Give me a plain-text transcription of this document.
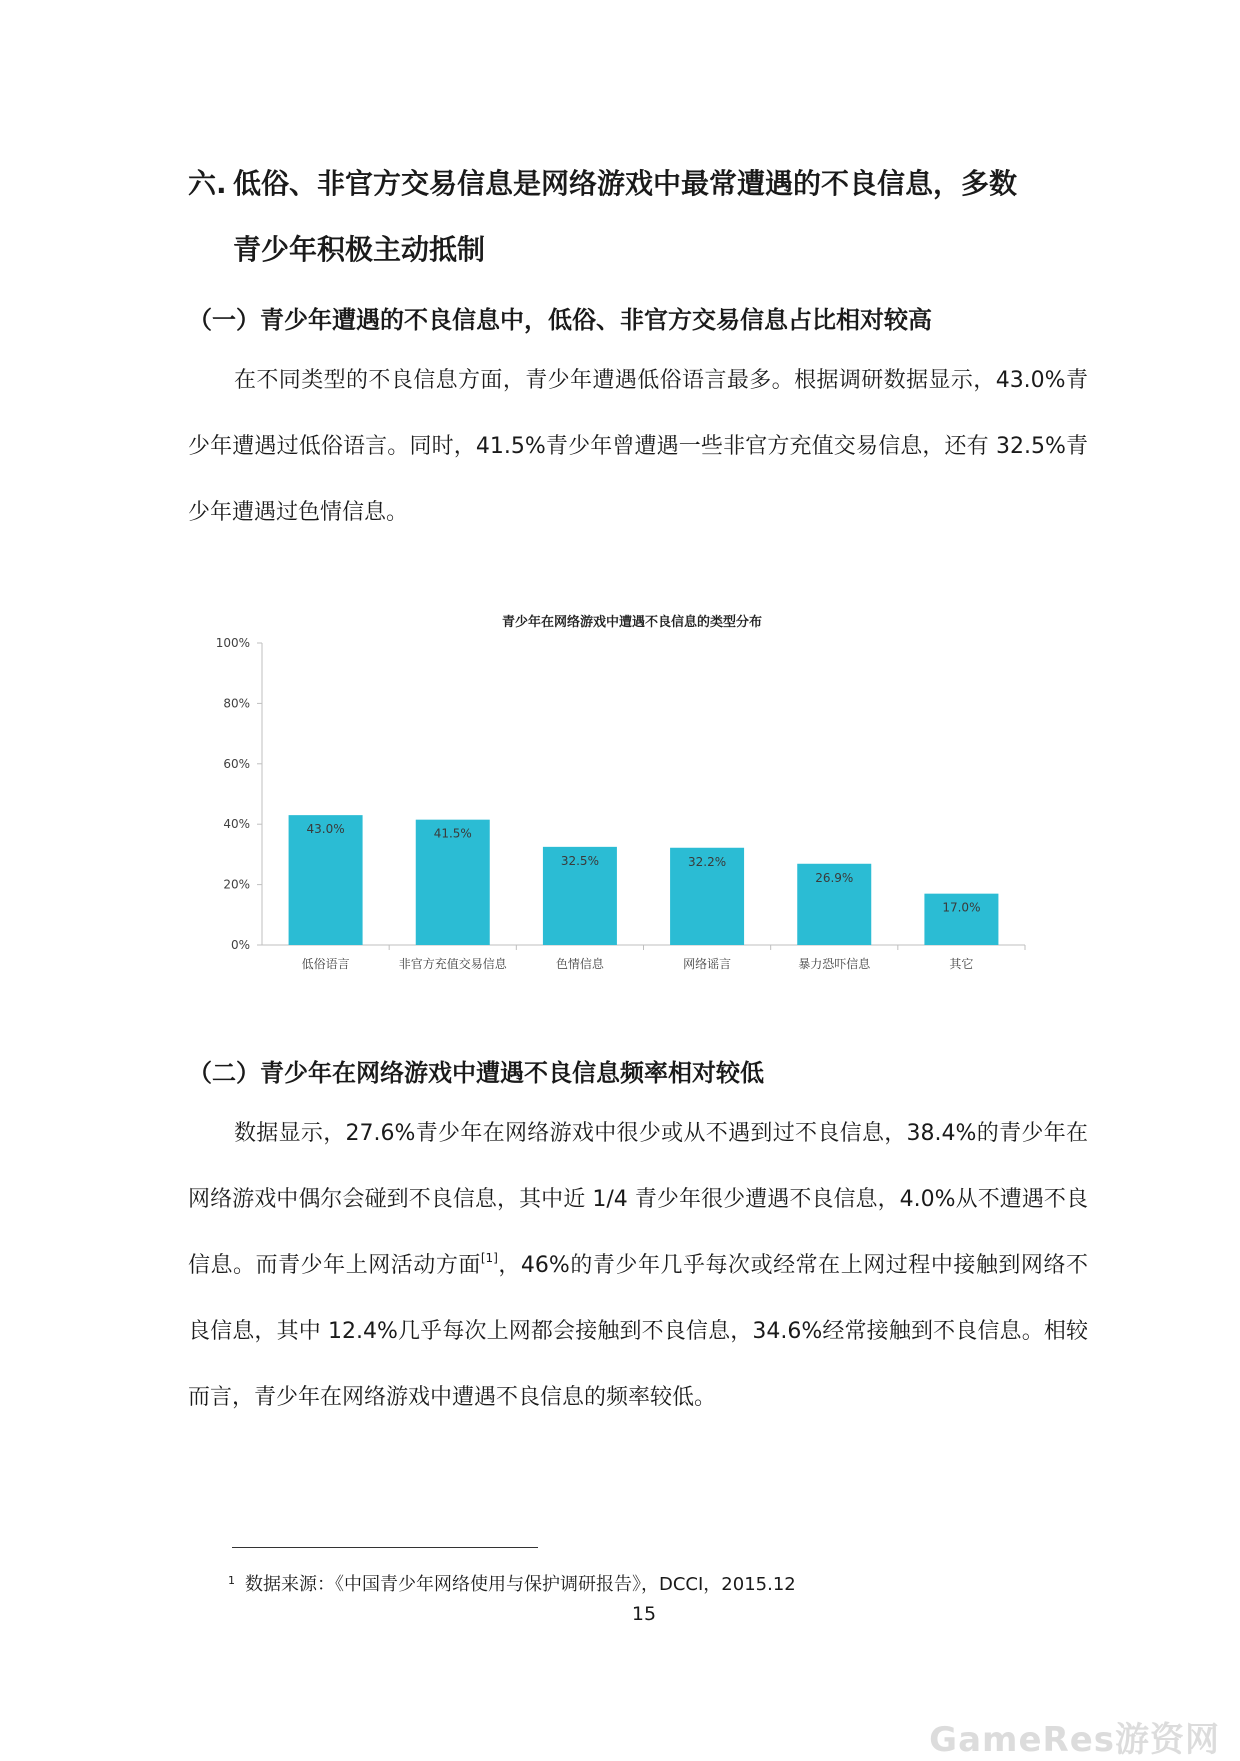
六. 低俗、非官方交易信息是网络游戏中最常遭遇的不良信息，多数
青少年积极主动抵制
（一）青少年遭遇的不良信息中，低俗、非官方交易信息占比相对较高
在不同类型的不良信息方面，青少年遭遇低俗语言最多。根据调研数据显示，43.0%青少年遭遇过低俗语言。同时，41.5%青少年曾遭遇一些非官方充值交易信息，还有 32.5%青少年遭遇过色情信息。
青少年在网络游戏中遭遇不良信息的类型分布
0%
20%
40%
60%
80%
100%
43.0%
低俗语言
41.5%
非官方充值交易信息
32.5%
色情信息
32.2%
网络谣言
26.9%
暴力恐吓信息
17.0%
其它
（二）青少年在网络游戏中遭遇不良信息频率相对较低
数据显示，27.6%青少年在网络游戏中很少或从不遇到过不良信息，38.4%的青少年在网络游戏中偶尔会碰到不良信息，其中近 1/4 青少年很少遭遇不良信息，4.0%从不遭遇不良信息。而青少年上网活动方面[1]，46%的青少年几乎每次或经常在上网过程中接触到网络不良信息，其中 12.4%几乎每次上网都会接触到不良信息，34.6%经常接触到不良信息。相较而言，青少年在网络游戏中遭遇不良信息的频率较低。
$^1$ 数据来源：《中国青少年网络使用与保护调研报告》，DCCI，2015.12
15
GameRes游资网
